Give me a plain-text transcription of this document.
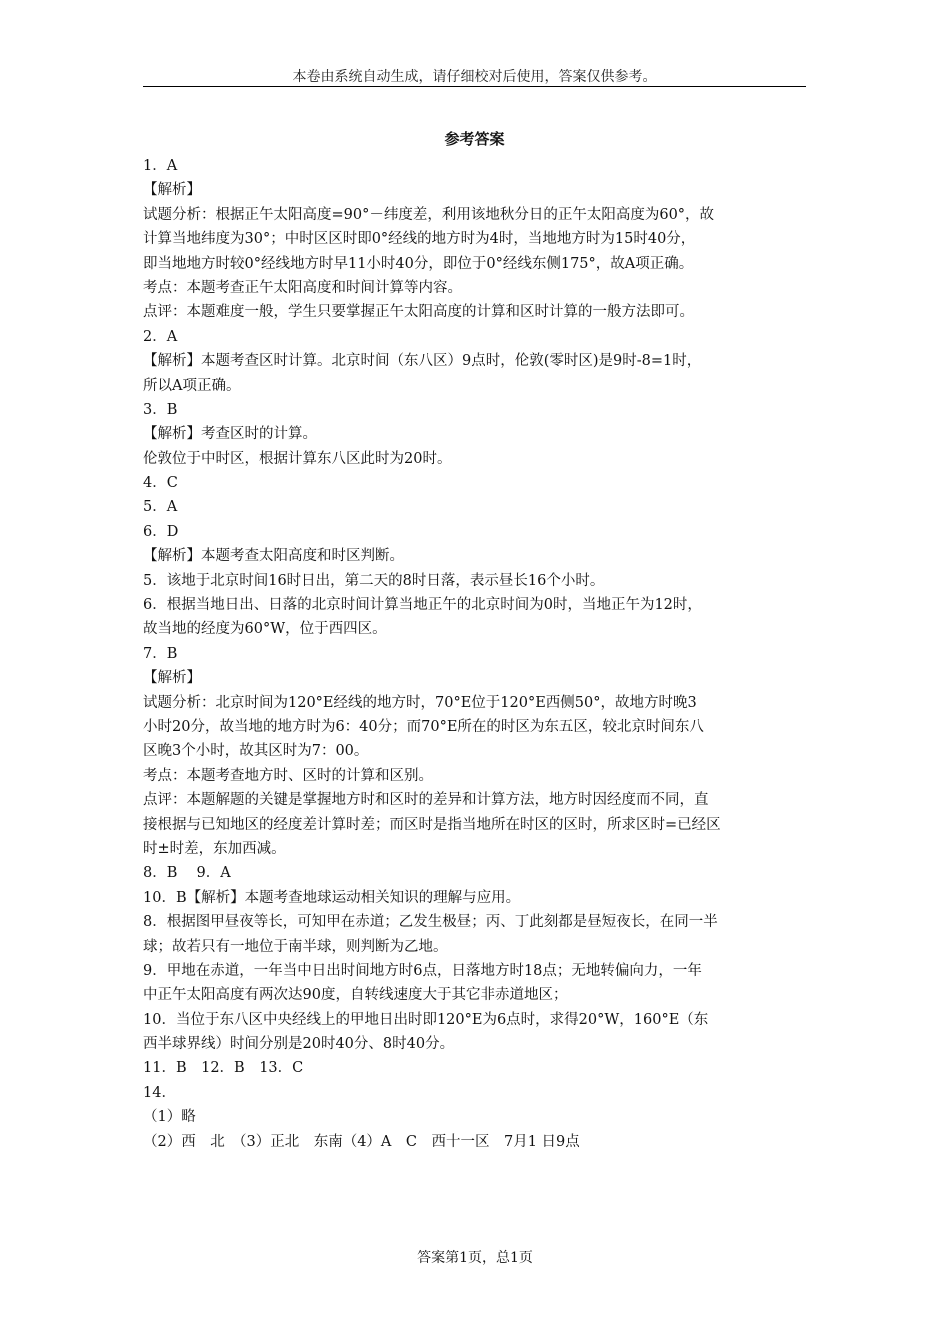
本卷由系统自动生成，请仔细校对后使用，答案仅供参考。
参考答案
1．A
【解析】
试题分析：根据正午太阳高度=90°－纬度差，利用该地秋分日的正午太阳高度为60°，故
计算当地纬度为30°；中时区区时即0°经线的地方时为4时，当地地方时为15时40分，
即当地地方时较0°经线地方时早11小时40分，即位于0°经线东侧175°，故A项正确。
考点：本题考查正午太阳高度和时间计算等内容。
点评：本题难度一般，学生只要掌握正午太阳高度的计算和区时计算的一般方法即可。
2．A
【解析】本题考查区时计算。北京时间（东八区）9点时，伦敦(零时区)是9时-8=1时，
所以A项正确。
3．B
【解析】考查区时的计算。
伦敦位于中时区，根据计算东八区此时为20时。
4．C
5．A
6．D
【解析】本题考查太阳高度和时区判断。
5．该地于北京时间16时日出，第二天的8时日落，表示昼长16个小时。
6．根据当地日出、日落的北京时间计算当地正午的北京时间为0时，当地正午为12时，
故当地的经度为60°W，位于西四区。
7．B
【解析】
试题分析：北京时间为120°E经线的地方时，70°E位于120°E西侧50°，故地方时晚3
小时20分，故当地的地方时为6：40分；而70°E所在的时区为东五区，较北京时间东八
区晚3个小时，故其区时为7：00。
考点：本题考查地方时、区时的计算和区别。
点评：本题解题的关键是掌握地方时和区时的差异和计算方法，地方时因经度而不同，直
接根据与已知地区的经度差计算时差；而区时是指当地所在时区的区时，所求区时=已经区
时±时差，东加西减。
8．B　 9．A
10．B【解析】本题考查地球运动相关知识的理解与应用。
8．根据图甲昼夜等长，可知甲在赤道；乙发生极昼；丙、丁此刻都是昼短夜长，在同一半
球；故若只有一地位于南半球，则判断为乙地。
9．甲地在赤道，一年当中日出时间地方时6点，日落地方时18点；无地转偏向力，一年
中正午太阳高度有两次达90度，自转线速度大于其它非赤道地区；
10．当位于东八区中央经线上的甲地日出时即120°E为6点时，求得20°W，160°E（东
西半球界线）时间分别是20时40分、8时40分。
11．B　12．B　13．C
14．
（1）略
（2）西　北　（3）正北　东南（4）A　C　西十一区　7月1 日9点
答案第1页，总1页
